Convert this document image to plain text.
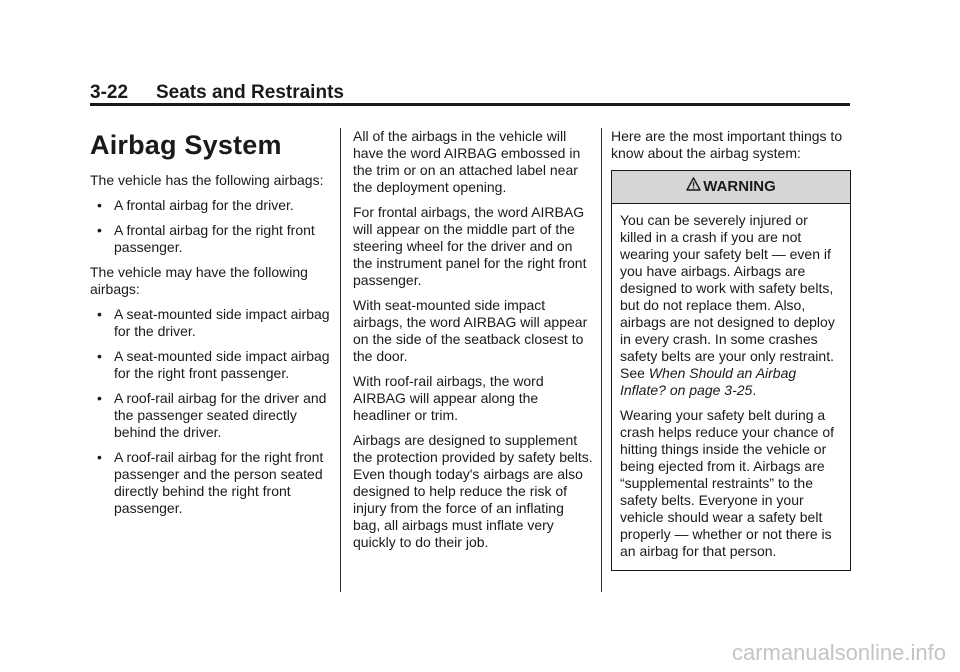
3-22 Seats and Restraints
Airbag System

The vehicle has the following airbags:

• A frontal airbag for the driver.
• A frontal airbag for the right front passenger.

The vehicle may have the following airbags:

• A seat-mounted side impact airbag for the driver.
• A seat-mounted side impact airbag for the right front passenger.
• A roof-rail airbag for the driver and the passenger seated directly behind the driver.
• A roof-rail airbag for the right front passenger and the person seated directly behind the right front passenger.

All of the airbags in the vehicle will have the word AIRBAG embossed in the trim or on an attached label near the deployment opening.

For frontal airbags, the word AIRBAG will appear on the middle part of the steering wheel for the driver and on the instrument panel for the right front passenger.

With seat-mounted side impact airbags, the word AIRBAG will appear on the side of the seatback closest to the door.

With roof-rail airbags, the word AIRBAG will appear along the headliner or trim.

Airbags are designed to supplement the protection provided by safety belts. Even though today's airbags are also designed to help reduce the risk of injury from the force of an inflating bag, all airbags must inflate very quickly to do their job.

Here are the most important things to know about the airbag system:

WARNING

You can be severely injured or killed in a crash if you are not wearing your safety belt — even if you have airbags. Airbags are designed to work with safety belts, but do not replace them. Also, airbags are not designed to deploy in every crash. In some crashes safety belts are your only restraint. See When Should an Airbag Inflate? on page 3-25.

Wearing your safety belt during a crash helps reduce your chance of hitting things inside the vehicle or being ejected from it. Airbags are “supplemental restraints” to the safety belts. Everyone in your vehicle should wear a safety belt properly — whether or not there is an airbag for that person.

carmanualsonline.info
